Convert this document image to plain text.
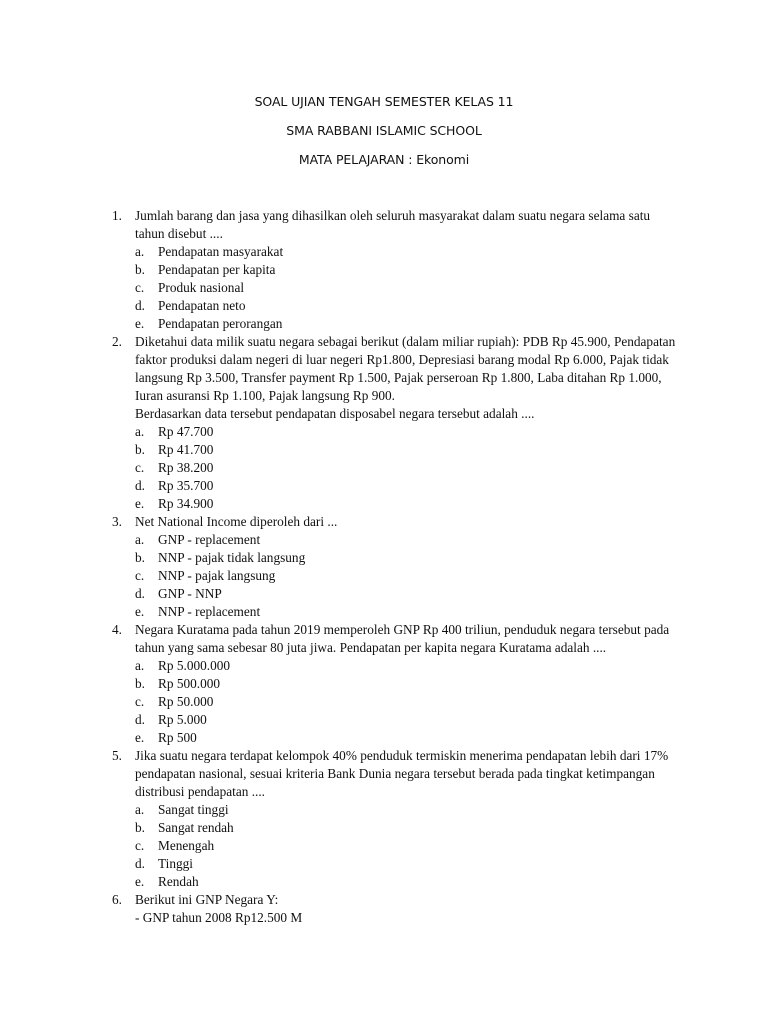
SOAL UJIAN TENGAH SEMESTER KELAS 11
SMA RABBANI ISLAMIC SCHOOL
MATA PELAJARAN : Ekonomi
1. Jumlah barang dan jasa yang dihasilkan oleh seluruh masyarakat dalam suatu negara selama satu tahun disebut ....
a. Pendapatan masyarakat
b. Pendapatan per kapita
c. Produk nasional
d. Pendapatan neto
e. Pendapatan perorangan
2. Diketahui data milik suatu negara sebagai berikut (dalam miliar rupiah): PDB Rp 45.900, Pendapatan faktor produksi dalam negeri di luar negeri Rp1.800, Depresiasi barang modal Rp 6.000, Pajak tidak langsung Rp 3.500, Transfer payment Rp 1.500, Pajak perseroan Rp 1.800, Laba ditahan Rp 1.000, Iuran asuransi Rp 1.100, Pajak langsung Rp 900.
Berdasarkan data tersebut pendapatan disposabel negara tersebut adalah ....
a. Rp 47.700
b. Rp 41.700
c. Rp 38.200
d. Rp 35.700
e. Rp 34.900
3. Net National Income diperoleh dari ...
a. GNP - replacement
b. NNP - pajak tidak langsung
c. NNP - pajak langsung
d. GNP - NNP
e. NNP - replacement
4. Negara Kuratama pada tahun 2019 memperoleh GNP Rp 400 triliun, penduduk negara tersebut pada tahun yang sama sebesar 80 juta jiwa. Pendapatan per kapita negara Kuratama adalah ....
a. Rp 5.000.000
b. Rp 500.000
c. Rp 50.000
d. Rp 5.000
e. Rp 500
5. Jika suatu negara terdapat kelompok 40% penduduk termiskin menerima pendapatan lebih dari 17% pendapatan nasional, sesuai kriteria Bank Dunia negara tersebut berada pada tingkat ketimpangan distribusi pendapatan ....
a. Sangat tinggi
b. Sangat rendah
c. Menengah
d. Tinggi
e. Rendah
6. Berikut ini GNP Negara Y:
- GNP tahun 2008 Rp12.500 M
